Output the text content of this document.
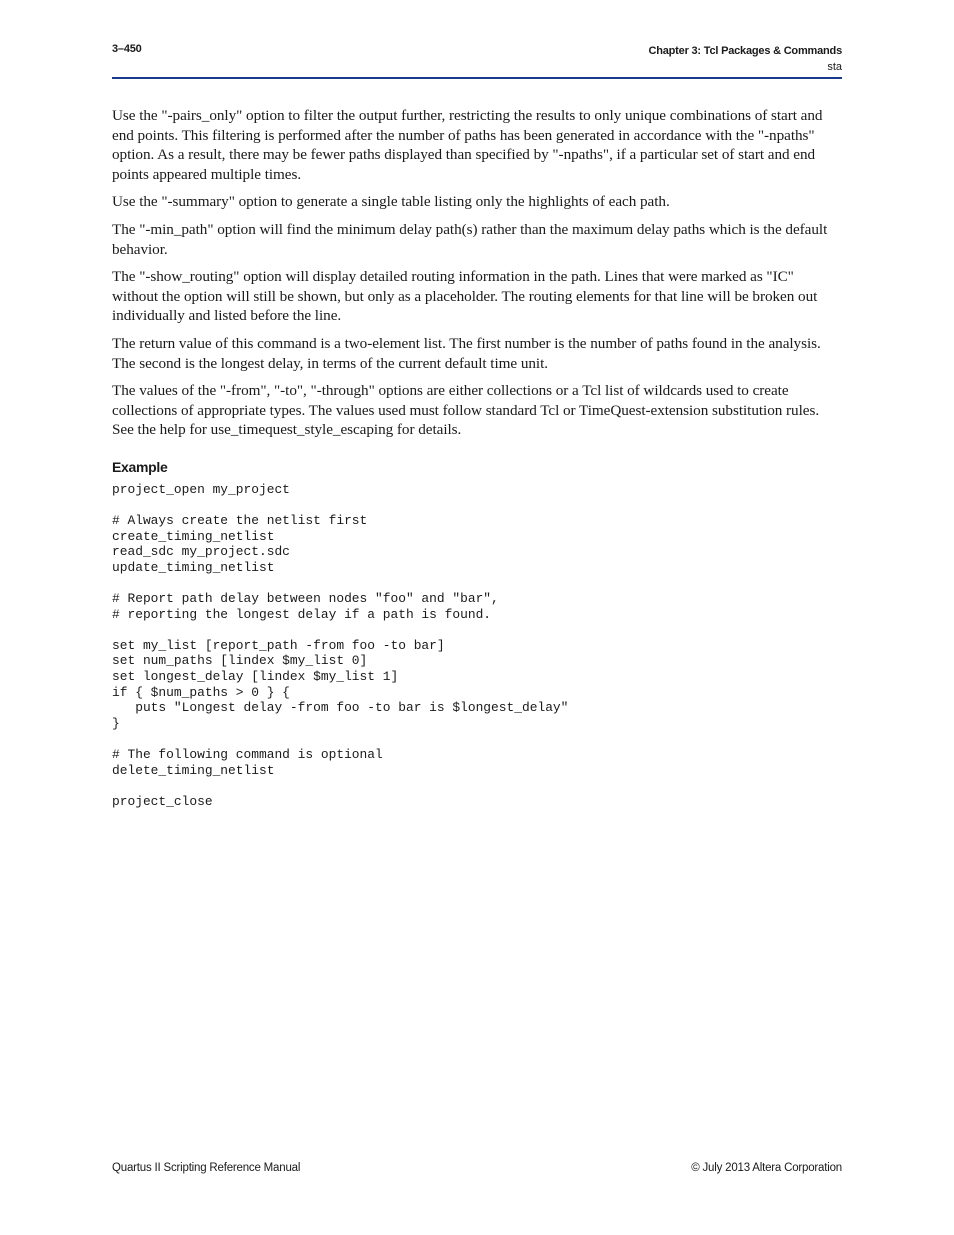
3–450	Chapter 3: Tcl Packages & Commands
sta

Use the "-pairs_only" option to filter the output further, restricting the results to only unique combinations of start and end points. This filtering is performed after the number of paths has been generated in accordance with the "-npaths" option. As a result, there may be fewer paths displayed than specified by "-npaths", if a particular set of start and end points appeared multiple times.

Use the "-summary" option to generate a single table listing only the highlights of each path.

The "-min_path" option will find the minimum delay path(s) rather than the maximum delay paths which is the default behavior.

The "-show_routing" option will display detailed routing information in the path. Lines that were marked as "IC" without the option will still be shown, but only as a placeholder. The routing elements for that line will be broken out individually and listed before the line.

The return value of this command is a two-element list. The first number is the number of paths found in the analysis. The second is the longest delay, in terms of the current default time unit.

The values of the "-from", "-to", "-through" options are either collections or a Tcl list of wildcards used to create collections of appropriate types. The values used must follow standard Tcl or TimeQuest-extension substitution rules. See the help for use_timequest_style_escaping for details.

Example
project_open my_project

# Always create the netlist first
create_timing_netlist
read_sdc my_project.sdc
update_timing_netlist

# Report path delay between nodes "foo" and "bar",
# reporting the longest delay if a path is found.

set my_list [report_path -from foo -to bar]
set num_paths [lindex $my_list 0]
set longest_delay [lindex $my_list 1]
if { $num_paths > 0 } {
puts "Longest delay -from foo -to bar is $longest_delay"
}

# The following command is optional
delete_timing_netlist

project_close
Quartus II Scripting Reference Manual	© July 2013 Altera Corporation
